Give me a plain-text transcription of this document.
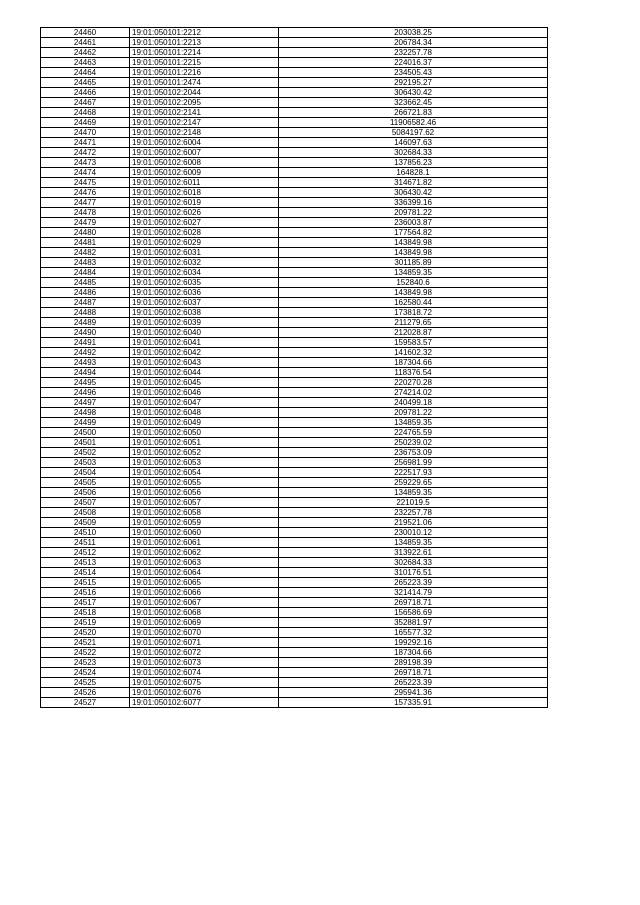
24460	19:01:050101:2212	203038.25
24461	19:01:050101:2213	206784.34
24462	19:01:050101:2214	232257.78
24463	19:01:050101:2215	224016.37
24464	19:01:050101:2216	234505.43
24465	19:01:050101:2474	292195.27
24466	19:01:050102:2044	306430.42
24467	19:01:050102:2095	323662.45
24468	19:01:050102:2141	266721.83
24469	19:01:050102:2147	11906582.46
24470	19:01:050102:2148	5084197.62
24471	19:01:050102:6004	146097.63
24472	19:01:050102:6007	302684.33
24473	19:01:050102:6008	137856.23
24474	19:01:050102:6009	164828.1
24475	19:01:050102:6011	314671.82
24476	19:01:050102:6018	306430.42
24477	19:01:050102:6019	336399.16
24478	19:01:050102:6026	209781.22
24479	19:01:050102:6027	236003.87
24480	19:01:050102:6028	177564.82
24481	19:01:050102:6029	143849.98
24482	19:01:050102:6031	143849.98
24483	19:01:050102:6032	301185.89
24484	19:01:050102:6034	134859.35
24485	19:01:050102:6035	152840.6
24486	19:01:050102:6036	143849.98
24487	19:01:050102:6037	162580.44
24488	19:01:050102:6038	173818.72
24489	19:01:050102:6039	211279.65
24490	19:01:050102:6040	212028.87
24491	19:01:050102:6041	159583.57
24492	19:01:050102:6042	141602.32
24493	19:01:050102:6043	187304.66
24494	19:01:050102:6044	118376.54
24495	19:01:050102:6045	220270.28
24496	19:01:050102:6046	274214.02
24497	19:01:050102:6047	240499.18
24498	19:01:050102:6048	209781.22
24499	19:01:050102:6049	134859.35
24500	19:01:050102:6050	224765.59
24501	19:01:050102:6051	250239.02
24502	19:01:050102:6052	236753.09
24503	19:01:050102:6053	256981.99
24504	19:01:050102:6054	222517.93
24505	19:01:050102:6055	259229.65
24506	19:01:050102:6056	134859.35
24507	19:01:050102:6057	221019.5
24508	19:01:050102:6058	232257.78
24509	19:01:050102:6059	219521.06
24510	19:01:050102:6060	230010.12
24511	19:01:050102:6061	134859.35
24512	19:01:050102:6062	313922.61
24513	19:01:050102:6063	302684.33
24514	19:01:050102:6064	310176.51
24515	19:01:050102:6065	265223.39
24516	19:01:050102:6066	321414.79
24517	19:01:050102:6067	269718.71
24518	19:01:050102:6068	156586.69
24519	19:01:050102:6069	352881.97
24520	19:01:050102:6070	165577.32
24521	19:01:050102:6071	199292.16
24522	19:01:050102:6072	187304.66
24523	19:01:050102:6073	289198.39
24524	19:01:050102:6074	269718.71
24525	19:01:050102:6075	265223.39
24526	19:01:050102:6076	295941.36
24527	19:01:050102:6077	157335.91
